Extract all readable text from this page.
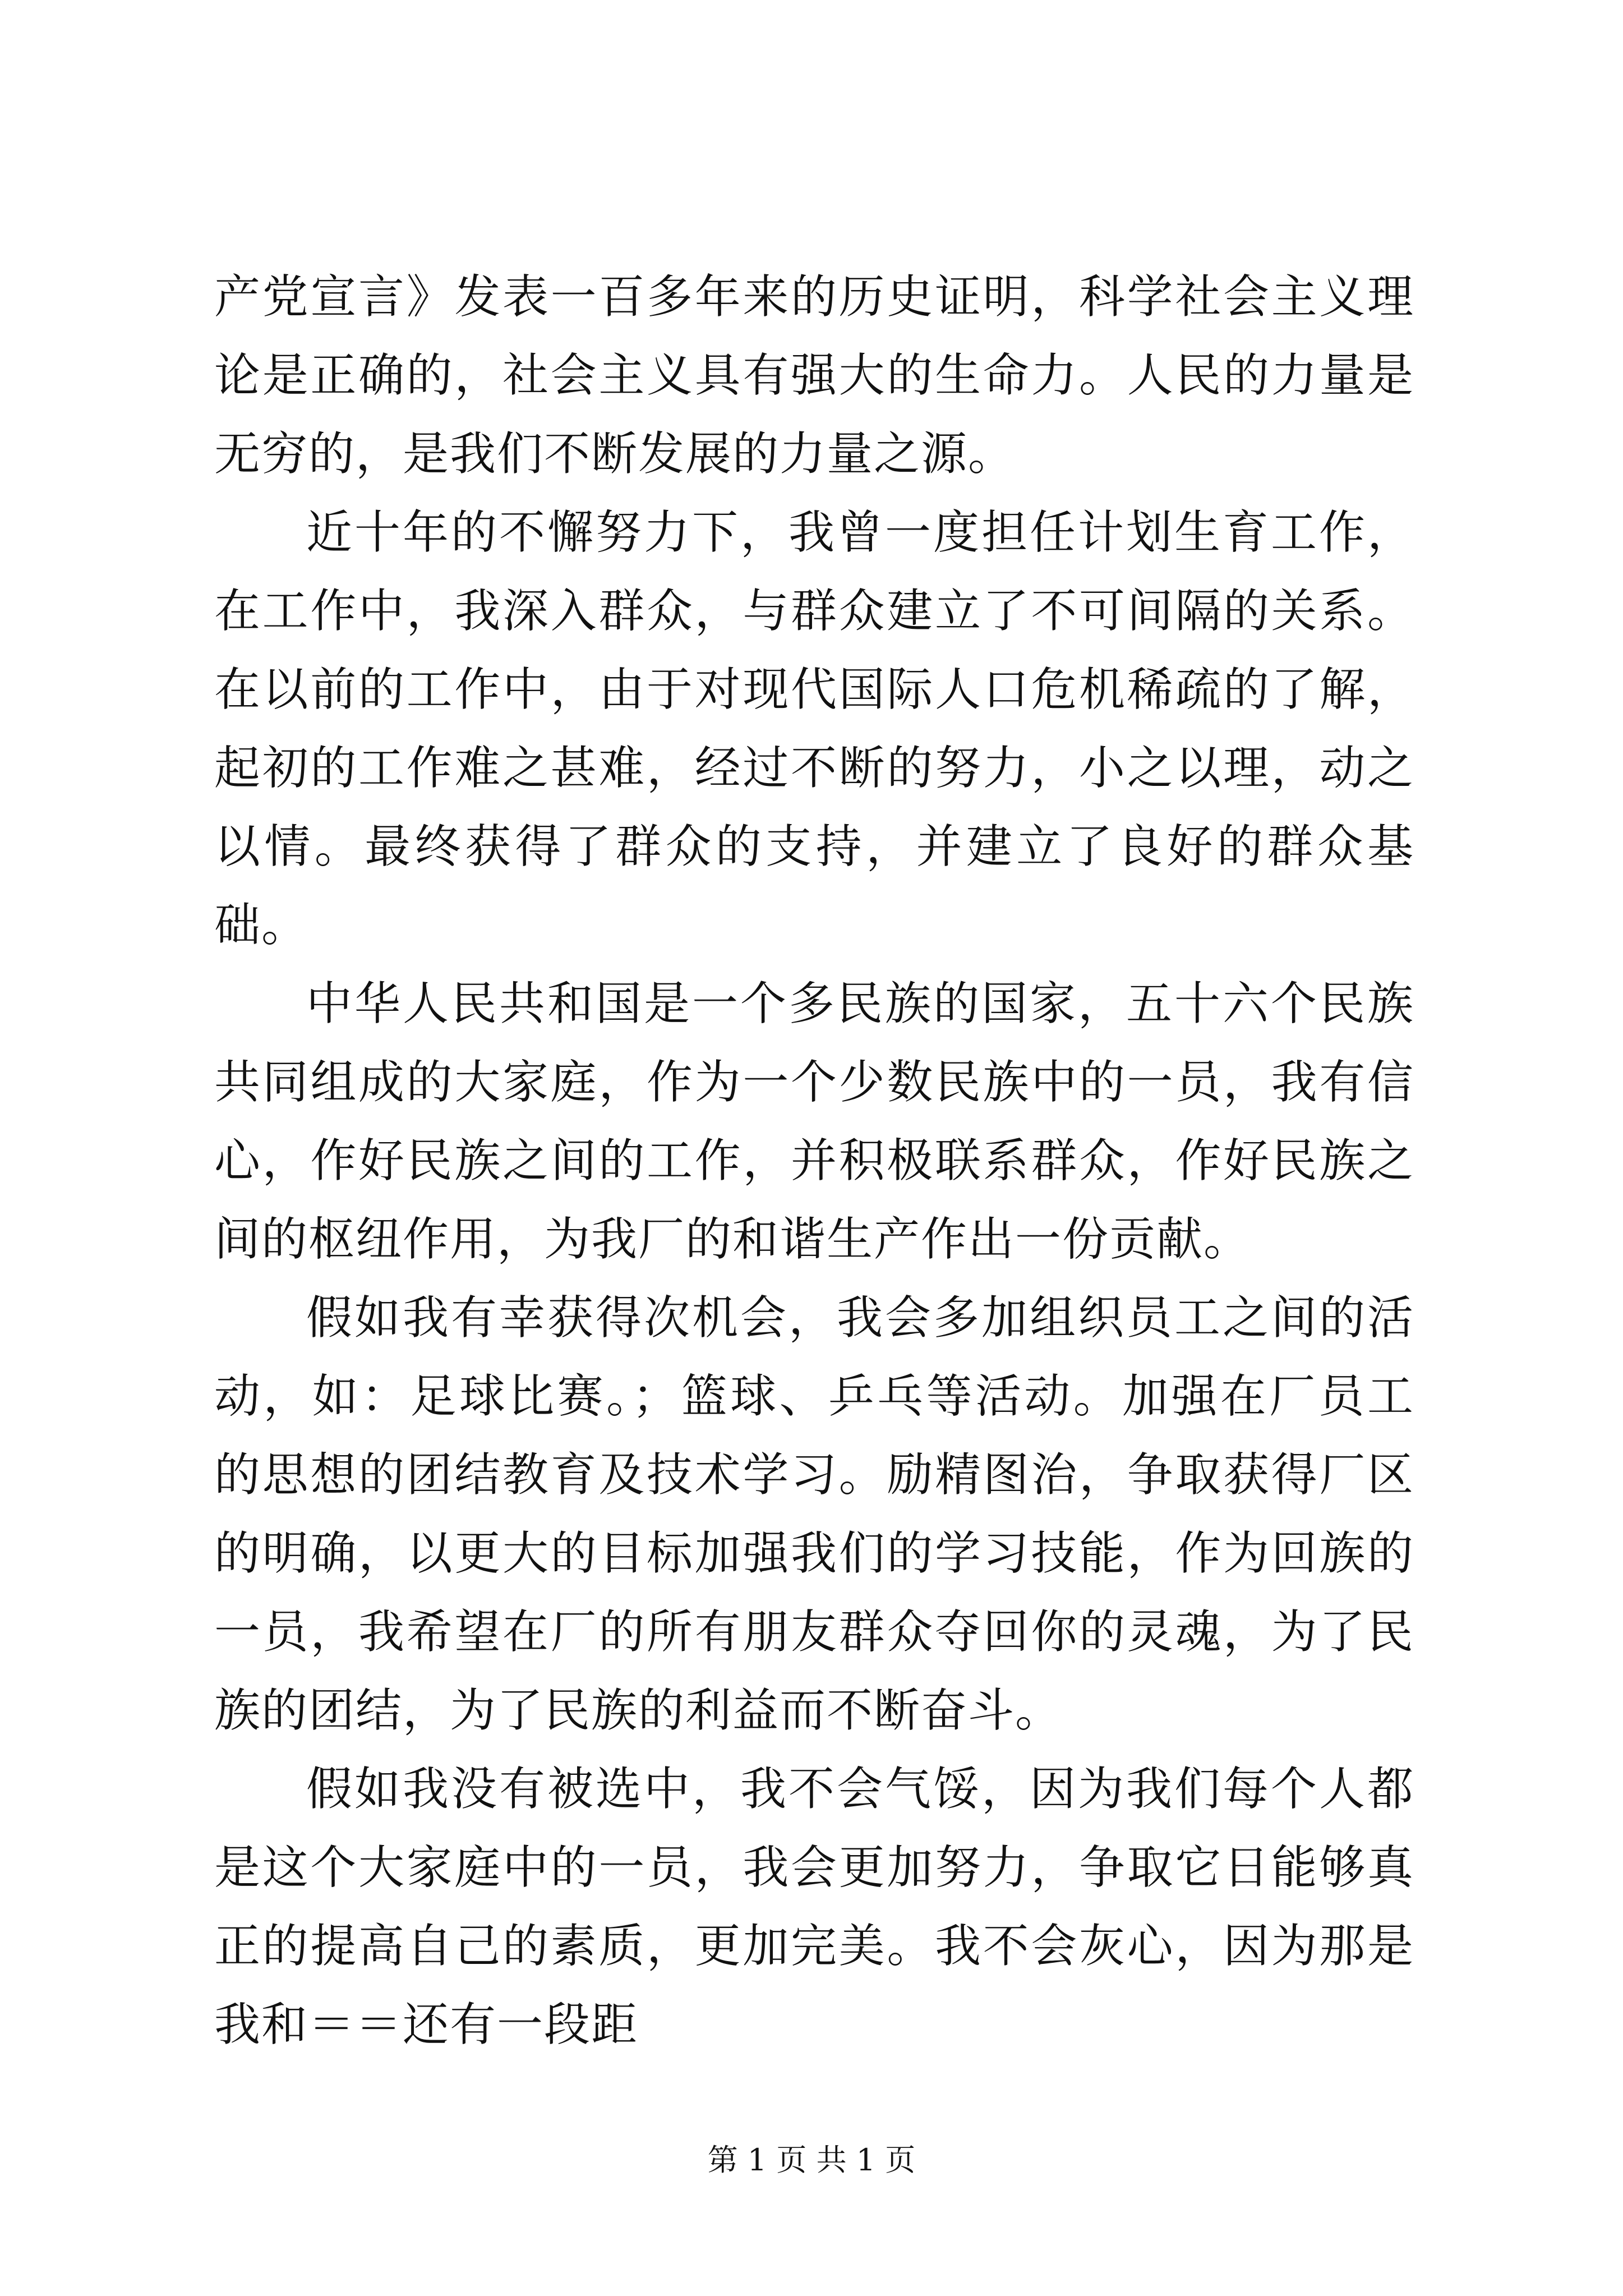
产党宣言》发表一百多年来的历史证明，科学社会主义理论是正确的，社会主义具有强大的生命力。人民的力量是无穷的，是我们不断发展的力量之源。

近十年的不懈努力下，我曾一度担任计划生育工作，在工作中，我深入群众，与群众建立了不可间隔的关系。在以前的工作中，由于对现代国际人口危机稀疏的了解，起初的工作难之甚难，经过不断的努力，小之以理，动之以情。最终获得了群众的支持，并建立了良好的群众基础。

中华人民共和国是一个多民族的国家，五十六个民族共同组成的大家庭，作为一个少数民族中的一员，我有信心，作好民族之间的工作，并积极联系群众，作好民族之间的枢纽作用，为我厂的和谐生产作出一份贡献。

假如我有幸获得次机会，我会多加组织员工之间的活动，如：足球比赛。；篮球、乒乓等活动。加强在厂员工的思想的团结教育及技术学习。励精图治，争取获得厂区的明确，以更大的目标加强我们的学习技能，作为回族的一员，我希望在厂的所有朋友群众夺回你的灵魂，为了民族的团结，为了民族的利益而不断奋斗。

假如我没有被选中，我不会气馁，因为我们每个人都是这个大家庭中的一员，我会更加努力，争取它日能够真正的提高自己的素质，更加完美。我不会灰心，因为那是我和＝＝还有一段距

第 1 页 共 1 页
